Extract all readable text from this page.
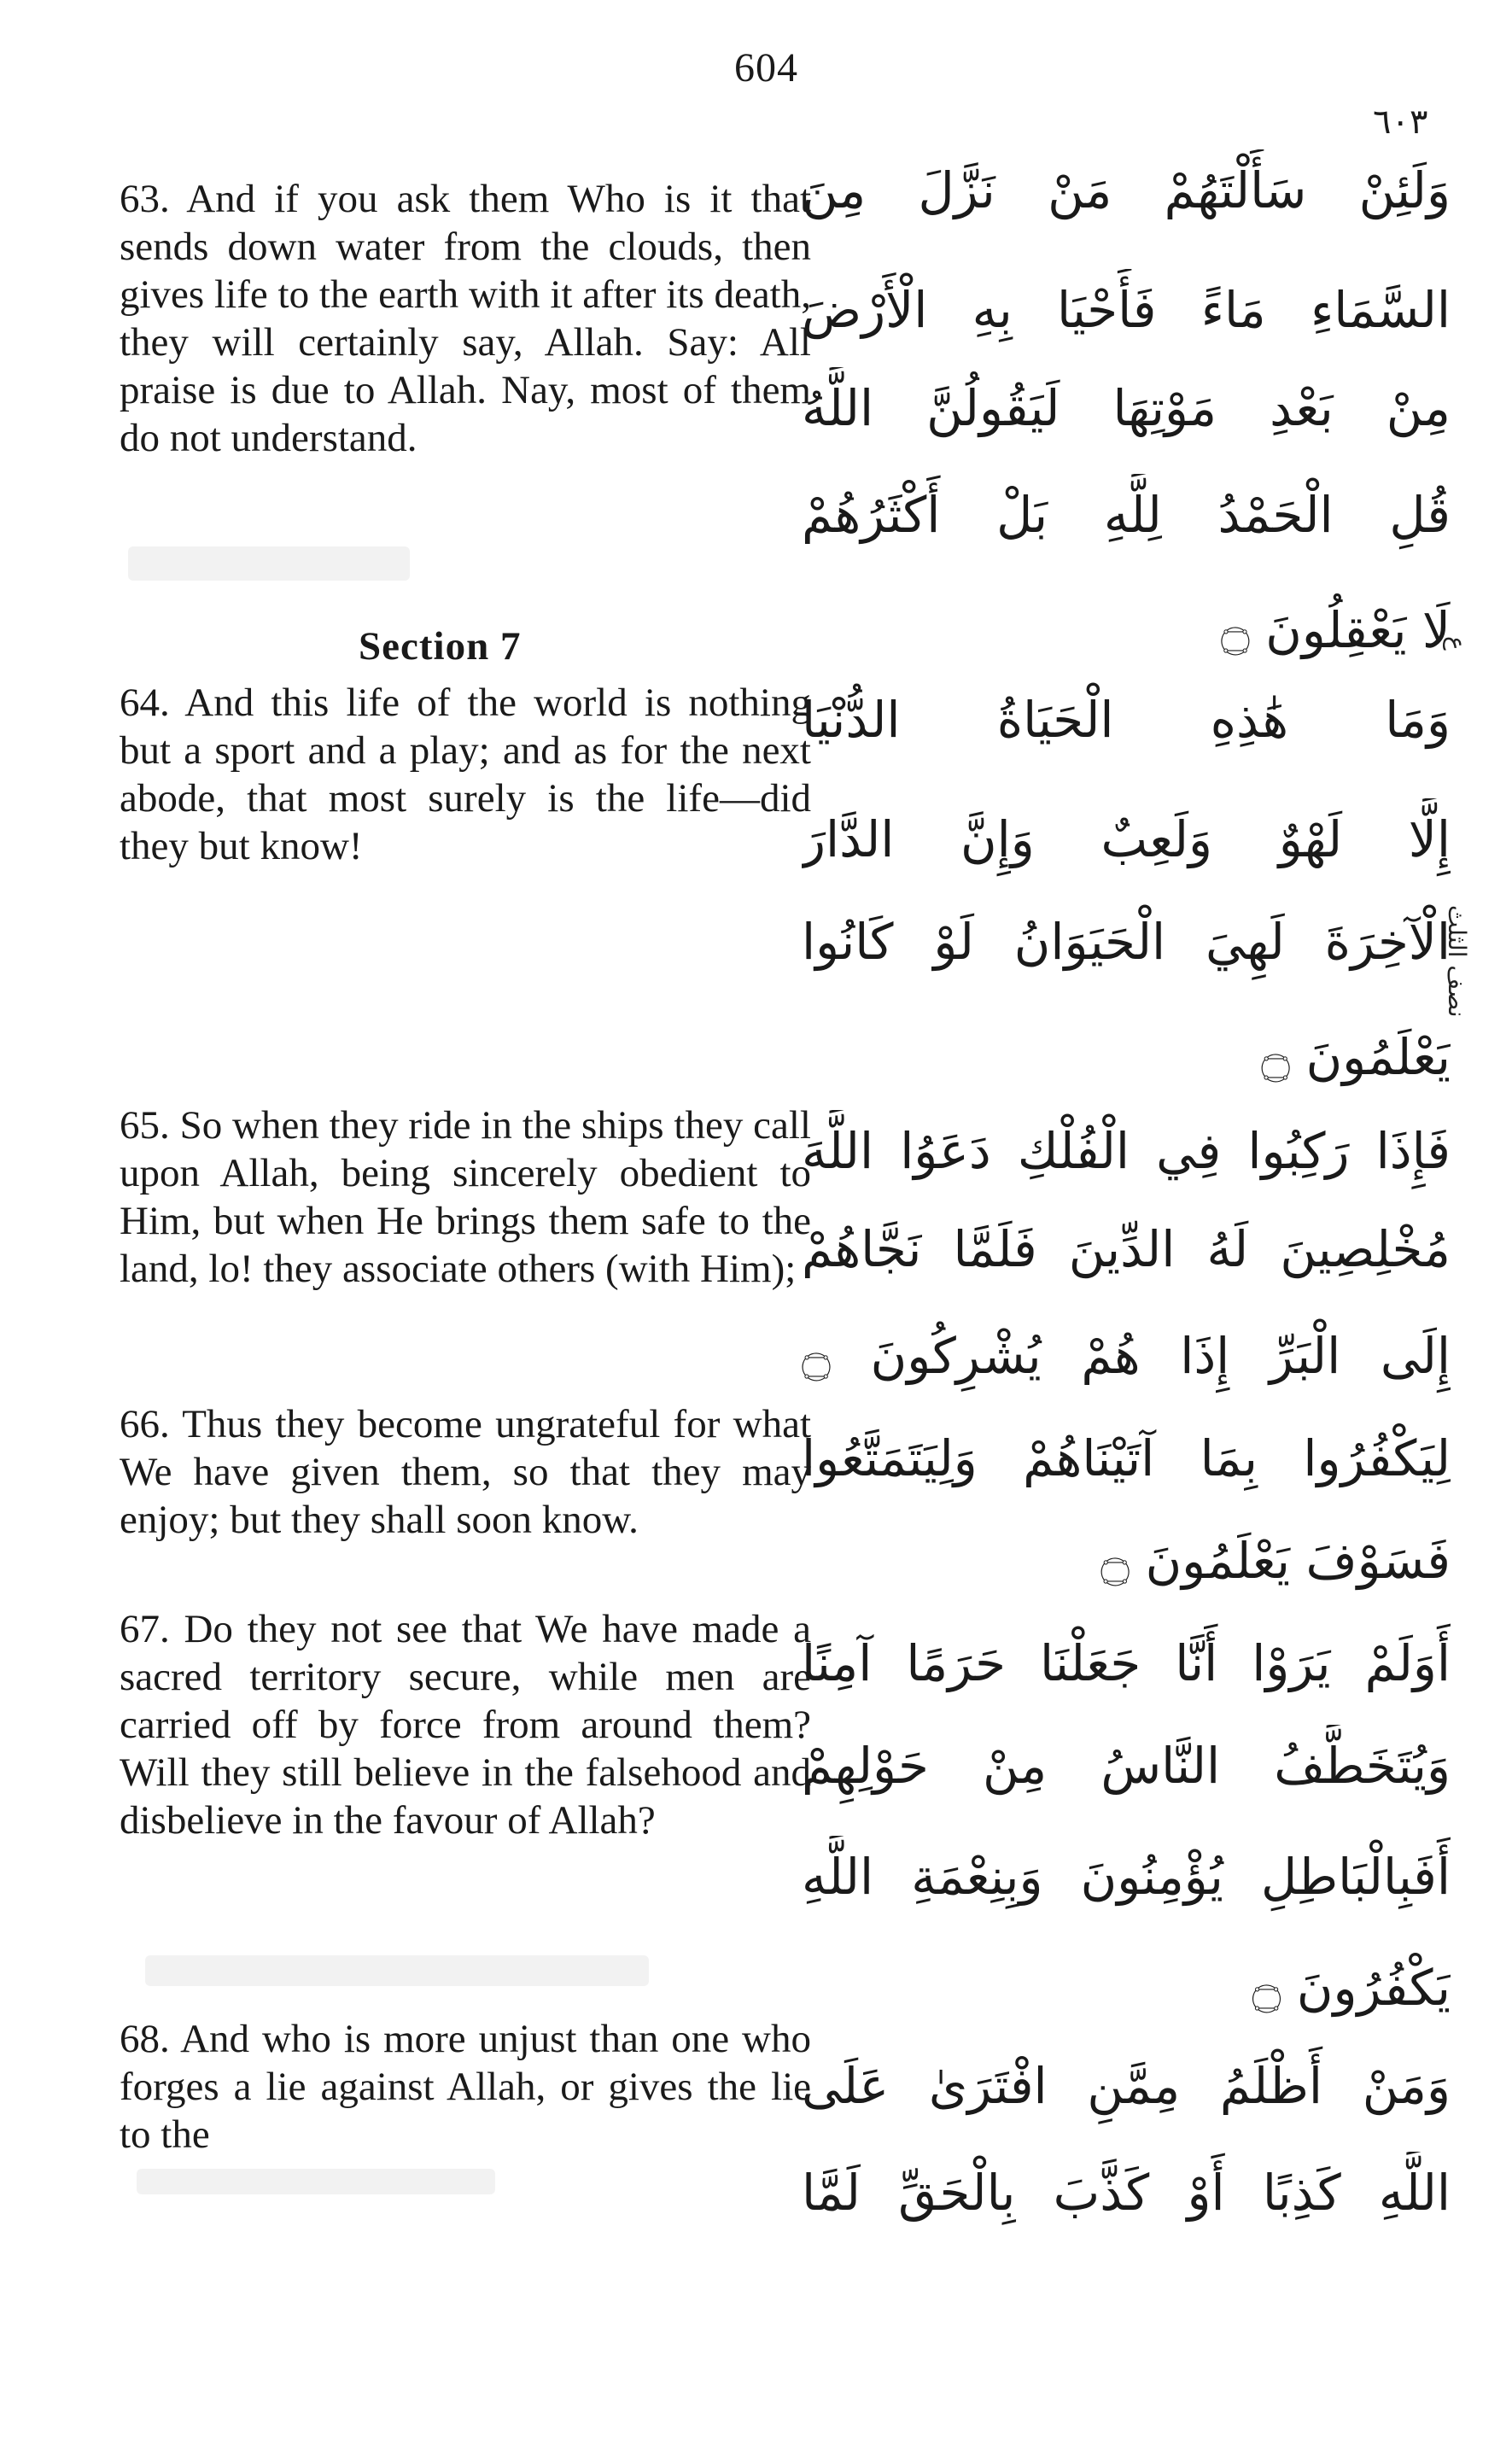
604
٦٠٣
63. And if you ask them Who is it that sends down water from the clouds, then gives life to the earth with it after its death, they will certainly say, Allah. Say: All praise is due to Allah. Nay, most of them do not understand.
Section 7
64. And this life of the world is nothing but a sport and a play; and as for the next abode, that most surely is the life—did they but know!
65. So when they ride in the ships they call upon Allah, being sincerely obedient to Him, but when He brings them safe to the land, lo! they associate others (with Him);
66. Thus they become ungrateful for what We have given them, so that they may enjoy; but they shall soon know.
67. Do they not see that We have made a sacred territory secure, while men are carried off by force from around them? Will they still believe in the falsehood and disbelieve in the favour of Allah?
68. And who is more unjust than one who forges a lie against Allah, or gives the lie to the
وَلَئِنْ سَأَلْتَهُمْ مَنْ نَزَّلَ مِنَ
السَّمَاءِ مَاءً فَأَحْيَا بِهِ الْأَرْضَ
مِنْ بَعْدِ مَوْتِهَا لَيَقُولُنَّ اللَّهُ
قُلِ الْحَمْدُ لِلَّهِ بَلْ أَكْثَرُهُمْ
لَا يَعْقِلُونَ ۝
وَمَا هَٰذِهِ الْحَيَاةُ الدُّنْيَا
إِلَّا لَهْوٌ وَلَعِبٌ وَإِنَّ الدَّارَ
الْآخِرَةَ لَهِيَ الْحَيَوَانُ لَوْ كَانُوا
يَعْلَمُونَ ۝
فَإِذَا رَكِبُوا فِي الْفُلْكِ دَعَوُا اللَّهَ
مُخْلِصِينَ لَهُ الدِّينَ فَلَمَّا نَجَّاهُمْ
إِلَى الْبَرِّ إِذَا هُمْ يُشْرِكُونَ ۝
لِيَكْفُرُوا بِمَا آتَيْنَاهُمْ وَلِيَتَمَتَّعُوا
فَسَوْفَ يَعْلَمُونَ ۝
أَوَلَمْ يَرَوْا أَنَّا جَعَلْنَا حَرَمًا آمِنًا
وَيُتَخَطَّفُ النَّاسُ مِنْ حَوْلِهِمْ
أَفَبِالْبَاطِلِ يُؤْمِنُونَ وَبِنِعْمَةِ اللَّهِ
يَكْفُرُونَ ۝
وَمَنْ أَظْلَمُ مِمَّنِ افْتَرَىٰ عَلَى
اللَّهِ كَذِبًا أَوْ كَذَّبَ بِالْحَقِّ لَمَّا
ع
نصف الثلث
